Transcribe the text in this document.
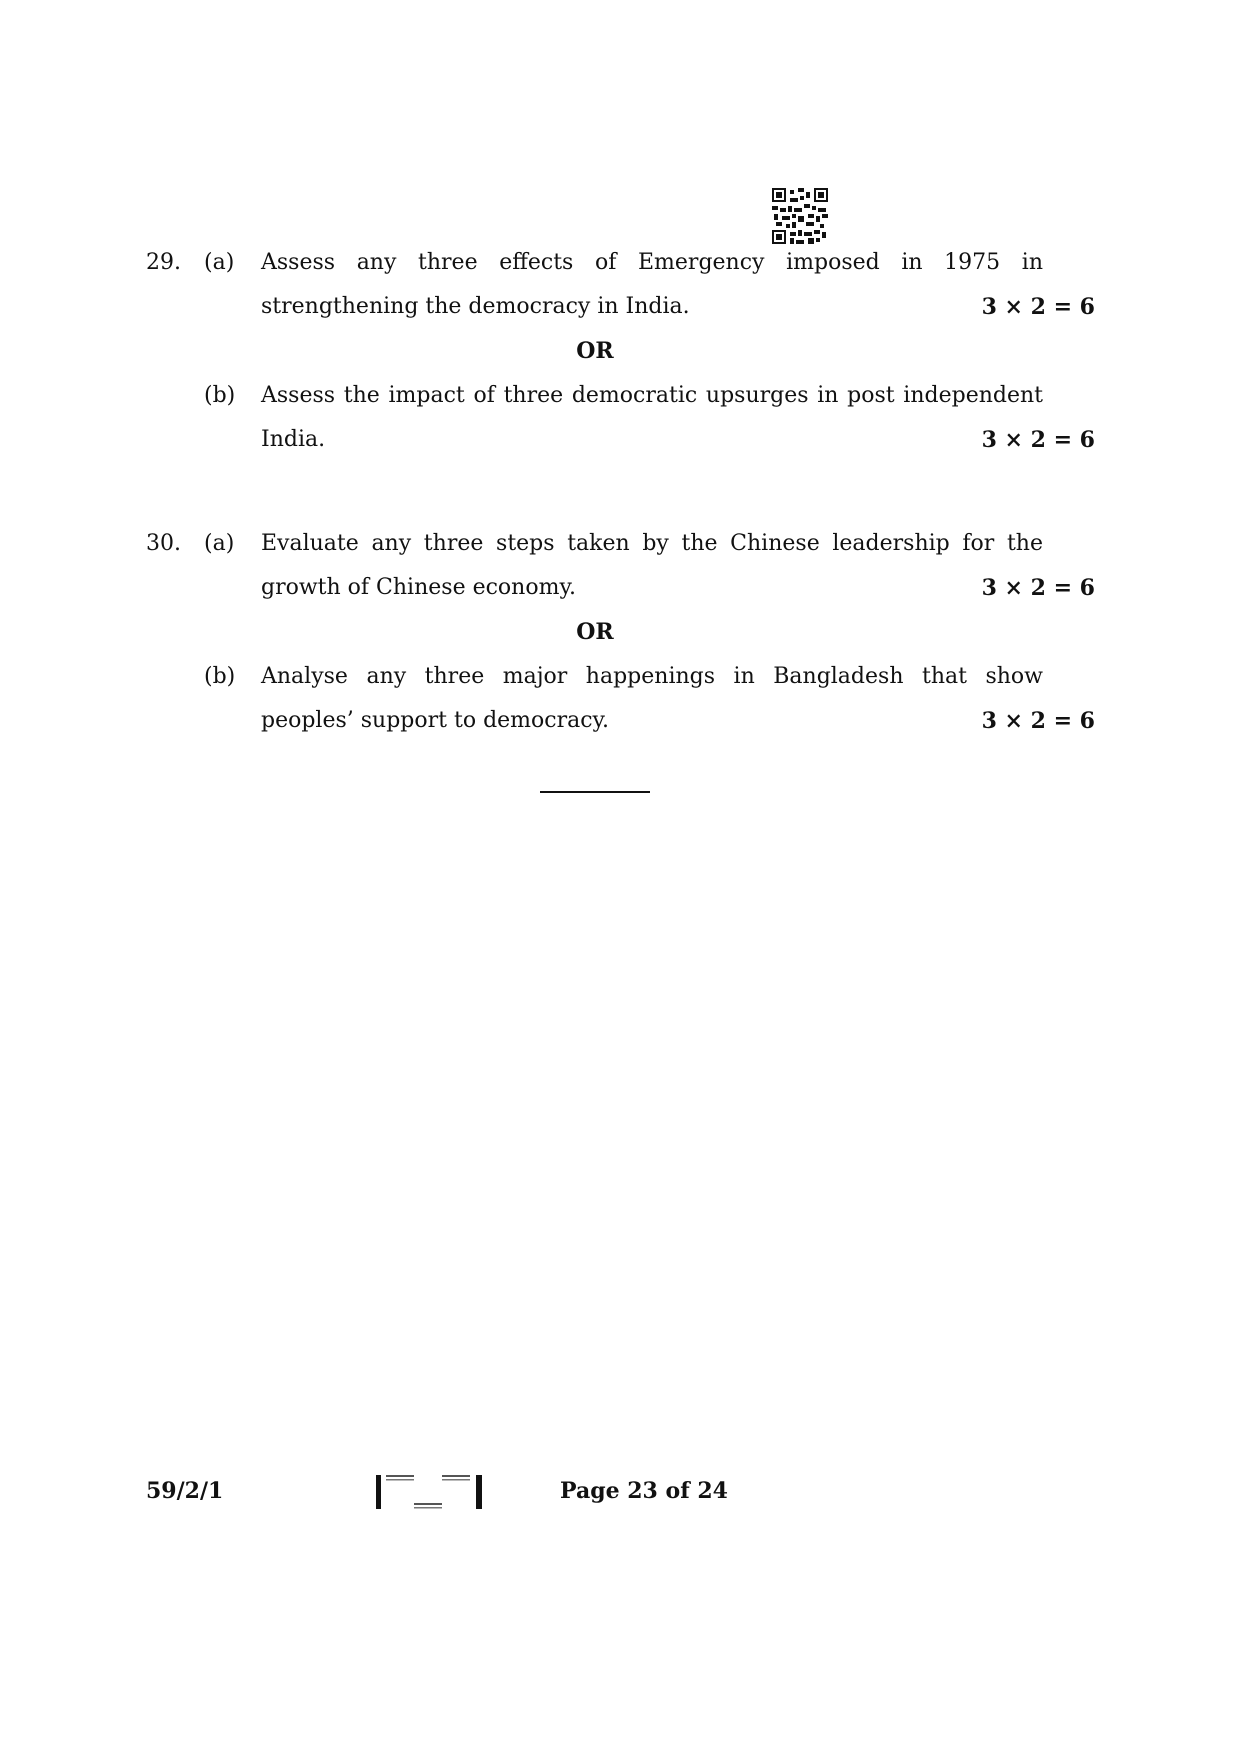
29. (a) Assess any three effects of Emergency imposed in 1975 in
strengthening the democracy in India.	3 × 2 = 6
OR
(b) Assess the impact of three democratic upsurges in post independent
India.	3 × 2 = 6
30. (a) Evaluate any three steps taken by the Chinese leadership for the
growth of Chinese economy.	3 × 2 = 6
OR
(b) Analyse any three major happenings in Bangladesh that show
peoples’ support to democracy.	3 × 2 = 6
59/2/1	Page 23 of 24
